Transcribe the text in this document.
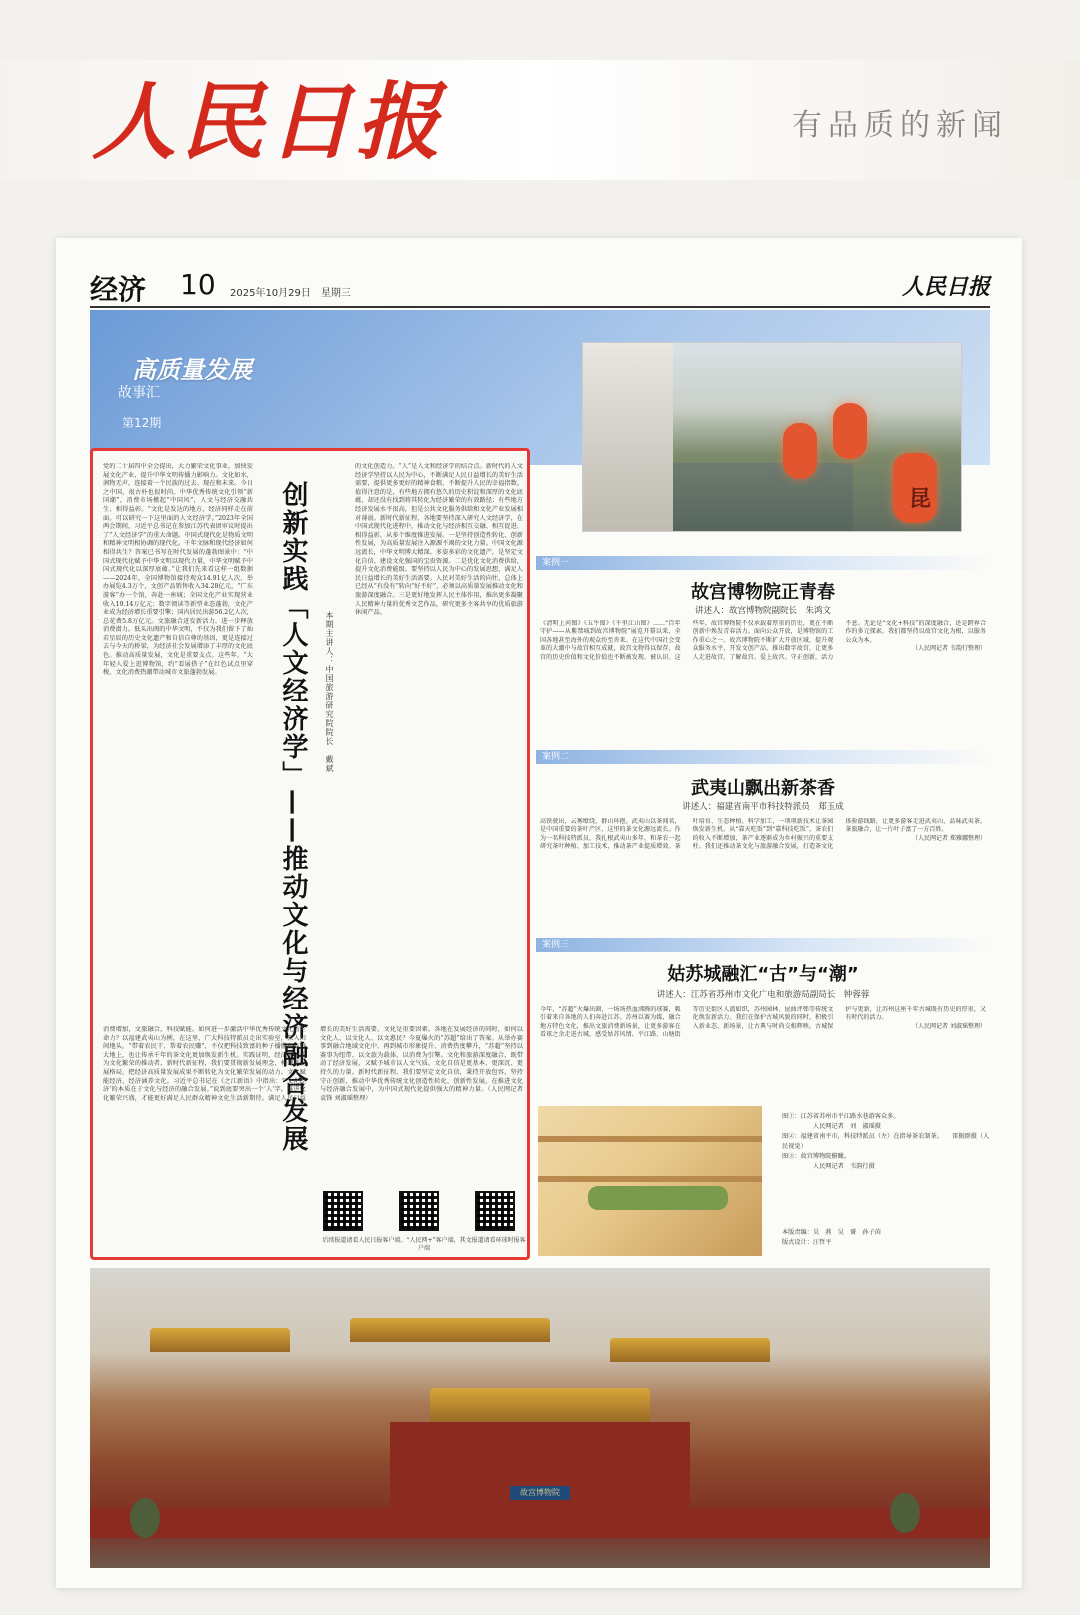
人民日报	有品质的新闻
经济 10 2025年10月29日　星期三	人民日报
高质量发展
故事汇
第12期
昆
党的二十届四中全会提出，大力繁荣文化事业，加快发展文化产业，提升中华文明传播力影响力。文化如水，润物无声，连接着一个民族的过去、现在和未来。今日之中国，很古朴也很时尚。中华优秀传统文化引领“新国潮”，消费市场掀起“中国风”，人文与经济交融共生、相得益彰。“文化是发达的地方，经济同样走在前面。可以研究一下这里面的人文经济学。”2023年全国两会期间，习近平总书记在参加江苏代表团审议时提出了“人文经济学”的重大命题。中国式现代化是物质文明和精神文明相协调的现代化。千年文脉和现代经济如何相得共生？答案已书写在时代发展的蓬勃图景中：“中国式现代化赋予中华文明以现代力量，中华文明赋予中国式现代化以深厚底蕴。”让我们先来看这样一组数据——2024年，全国博物馆接待观众14.91亿人次，举办展览4.3万个，文创产品销售收入34.28亿元，“广东游客”办一个馆，奔赴一座城；全国文化产业实现营业收入19.14万亿元；数字阅读等新型业态蓬勃，文化产业成为经济增长重要引擎；国内居民出游56.2亿人次，总花费5.8万亿元。文旅融合迸发新活力，进一步释放消费潜力。低头出阀的中华文明，不仅为我们留下了灿若星辰的历史文化遗产和自信自尊的基因，更是连接过去与今天的桥梁，为经济社会发展增添了丰厚的文化底色。推动高质量发展，文化是重要支点。这些年，“大年轻人爱上逛博物馆，约“看展搭子”在红色试点里穿梭，文化消费热潮带动城市文旅蓬勃发展。	创新实践「人文经济学」——推动文化与经济融合发展	本期主讲人：中国旅游研究院院长　戴斌
的文化创造力。“人”是人文和经济学的结合点。新时代的人文经济学坚持以人民为中心，不断满足人民日益增长的美好生活需要，提供更多更好的精神食粮，不断提升人民的幸福指数。值得注意的是，有些地方拥有悠久的历史积淀和深厚的文化底蕴，却还没有找到将其转化为经济繁荣的有效路径；有些地方经济发展水平很高，但是公共文化服务供给和文化产业发展相对薄弱。新时代新征程，各地要坚持深入研究人文经济学，在中国式现代化进程中，推动文化与经济相互交融、相互促进、相得益彰，从多个维度推进发展。一是坚持创造性转化、创新性发展，为高质量发展注入源源不竭的文化力量。中国文化源远流长，中华文明博大精深。多姿多彩的文化遗产，是坚定文化自信、建设文化强国的宝贵资源。二是优化文化消费供给，提升文化消费能级。要坚持以人民为中心的发展思想，满足人民日益增长的美好生活需要。人民对美好生活的向往，总体上已经从“有没有”转向“好不好”，必须以高质量发展推动文化和旅游深度融合。三是更好地发挥人民主体作用，推出更多凝聚人民精神力量的优秀文艺作品，研究更多主客共享的优质旅游休闲产品。
消费增加，文旅融合，科技赋能。如何进一步激活中华优秀传统文化的生命力？以福建武夷山为例，在这里，广大科技特派员走出实验室，深入田间地头，“带着农民干、帮着农民赚”，不仅把科技致富的种子播撒在乡野大地上，也让传承千年的茶文化更加焕发新生机。实践证明，经济可以成为文化繁荣的推动者，新时代新征程，我们要贯彻新发展理念，构建新发展格局，把经济高质量发展成果不断转化为文化繁荣发展的动力。文化赋能经济，经济涵养文化。习近平总书记在《之江新语》中指出：“‘文化经济’的本质在于文化与经济的融合发展。”说到底要突出一个‘人’字。推进文化繁荣兴盛，才能更好满足人民群众精神文化生活新期待。满足人民日益增长的美好生活需要，文化是重要因素。各地在发展经济的同时，如何以文化人、以文化人、以文惠民？今夏爆火的“苏超”给出了答案。从举办赛事到融合地域文化中，再到城市形象提升、消费热度攀升，“苏超”坚持以赛事为纽带、以文旅为载体、以消费为引擎。文化和旅游深度融合，既带动了经济发展，又赋予城市以人文气质。文化自信是更基本、更深沉、更持久的力量。新时代新征程，我们要坚定文化自信，秉持开放包容，坚持守正创新，推动中华优秀传统文化创造性转化、创新性发展，在推进文化与经济融合发展中，为中国式现代化提供强大的精神力量。（人民网记者 袁锋 刘淑瑶整理）
后续报道请看人民日报客户端。“人民网+”客户端，其文报道请看环球时报客户端
案例一
故宫博物院正青春
讲述人：故宫博物院副院长　朱鸿文
《清明上河图》《五牛图》《千里江山图》……“百年守护——从紫禁城到故宫博物院”展览开幕以来，全国各地甚至海外的观众纷至沓来。在这代中国社会变革的大潮中与故宫相互成就，故宫文物得以保存，故宫的历史价值和文化价值也不断被发现、被认识。这些年，故宫博物院不仅承载着厚重的历史，更在不断创新中焕发青春活力。面向公众开放，是博物馆的工作重心之一。故宫博物院不断扩大开放区域，提升观众服务水平，开发文创产品，推出数字故宫，让更多人走进故宫、了解故宫、爱上故宫。守正创新，活力不息。无论是“文化+科技”的深度融合，还是跨界合作的多元探索，我们都坚持以故宫文化为根，以服务公众为本。
（人民网记者 韦韵行整理）
案例二
武夷山飘出新茶香
讲述人：福建省南平市科技特派员　郑玉成
高铁驶出，云雾缭绕，群山环抱。武夷山以茶闻名，是中国重要的茶叶产区，这里的茶文化源远流长。作为一名科技特派员，我扎根武夷山多年，和茶农一起研究茶叶种植、加工技术，推动茶产业提质增效。茶叶培育、生态种植、科学加工，一项项新技术让茶园焕发新生机。从“靠天吃饭”到“靠科技吃饭”，茶农们的收入不断增加，茶产业逐渐成为乡村振兴的重要支柱。我们还推动茶文化与旅游融合发展，打造茶文化体验游线路，让更多游客走进武夷山、品味武夷茶。茶旅融合，让一片叶子富了一方百姓。
（人民网记者 郑雅娜整理）
案例三
姑苏城融汇“古”与“潮”
讲述人：江苏省苏州市文化广电和旅游局副局长　钟蓉蓉
今年，“苏超”火爆出圈，一场场热血沸腾的球赛，吸引着来自各地的人们奔赴江苏。苏州以赛为媒，融合地方特色文化，推出文旅消费新场景，让更多游客在看球之余走进古城，感受姑苏风情。平江路、山塘街等历史街区人流如织，苏州园林、昆曲评弹等传统文化焕发新活力。我们在保护古城风貌的同时，积极引入新业态、新场景，让古典与时尚交相辉映。古城保护与更新，让苏州这座千年古城既有历史的厚重，又有时代的活力。
（人民网记者 刘淑瑶整理）
图①：江苏省苏州市平江路水巷游客众多。
　　　　　人民网记者　刘　淑瑶摄
图②：福建省南平市，科技特派员（左）在指导茶农制茶。　　雷振群摄（人民视觉）
图③：故宫博物院俯瞰。
　　　　　人民网记者　韦韵行摄
本版责编：吴　燕　吴　赟　孙子茵
版式设计：汪哲平
故宫博物院
